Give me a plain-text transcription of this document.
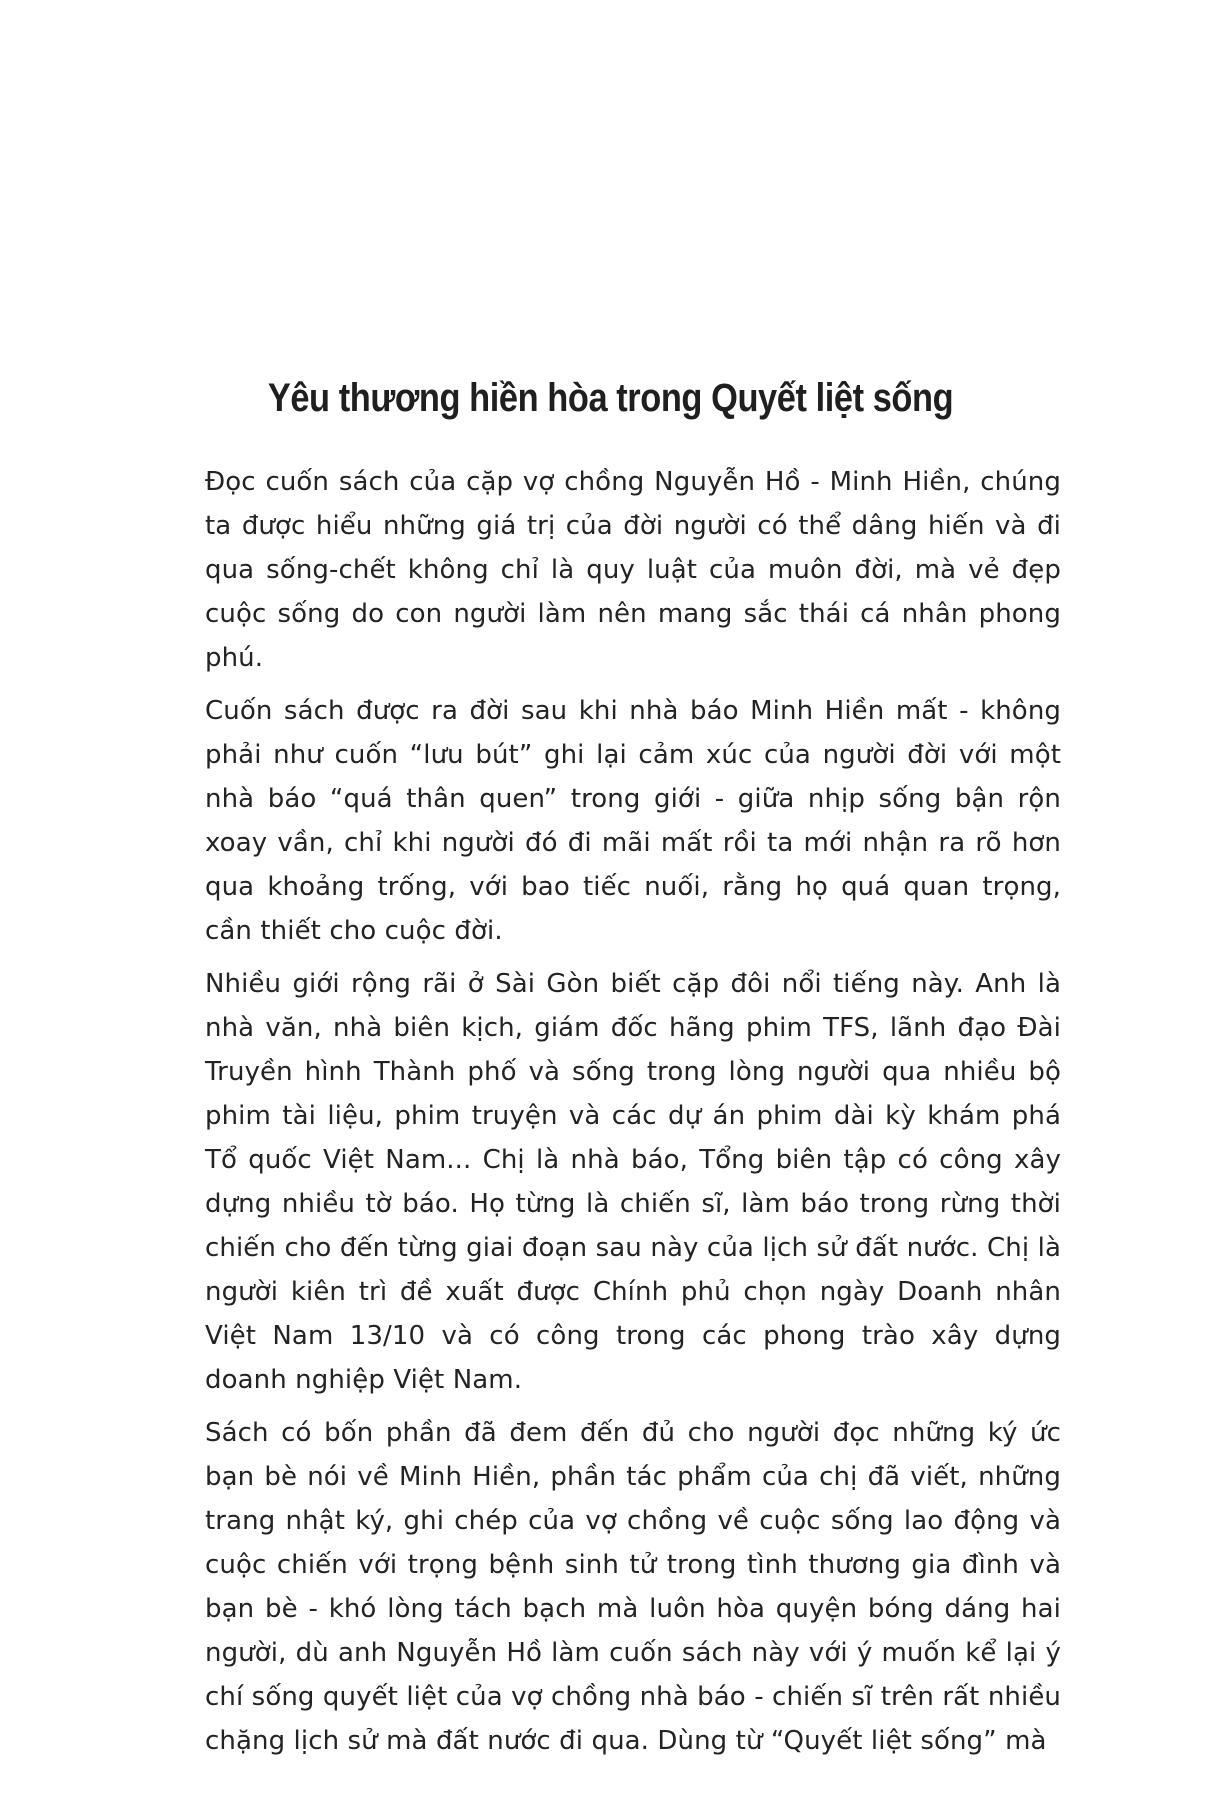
Yêu thương hiền hòa trong Quyết liệt sống

Đọc cuốn sách của cặp vợ chồng Nguyễn Hồ - Minh Hiền, chúng ta được hiểu những giá trị của đời người có thể dâng hiến và đi qua sống-chết không chỉ là quy luật của muôn đời, mà vẻ đẹp cuộc sống do con người làm nên mang sắc thái cá nhân phong phú.

Cuốn sách được ra đời sau khi nhà báo Minh Hiền mất - không phải như cuốn “lưu bút” ghi lại cảm xúc của người đời với một nhà báo “quá thân quen” trong giới - giữa nhịp sống bận rộn xoay vần, chỉ khi người đó đi mãi mất rồi ta mới nhận ra rõ hơn qua khoảng trống, với bao tiếc nuối, rằng họ quá quan trọng, cần thiết cho cuộc đời.

Nhiều giới rộng rãi ở Sài Gòn biết cặp đôi nổi tiếng này. Anh là nhà văn, nhà biên kịch, giám đốc hãng phim TFS, lãnh đạo Đài Truyền hình Thành phố và sống trong lòng người qua nhiều bộ phim tài liệu, phim truyện và các dự án phim dài kỳ khám phá Tổ quốc Việt Nam... Chị là nhà báo, Tổng biên tập có công xây dựng nhiều tờ báo. Họ từng là chiến sĩ, làm báo trong rừng thời chiến cho đến từng giai đoạn sau này của lịch sử đất nước. Chị là người kiên trì đề xuất được Chính phủ chọn ngày Doanh nhân Việt Nam 13/10 và có công trong các phong trào xây dựng doanh nghiệp Việt Nam.

Sách có bốn phần đã đem đến đủ cho người đọc những ký ức bạn bè nói về Minh Hiền, phần tác phẩm của chị đã viết, những trang nhật ký, ghi chép của vợ chồng về cuộc sống lao động và cuộc chiến với trọng bệnh sinh tử trong tình thương gia đình và bạn bè - khó lòng tách bạch mà luôn hòa quyện bóng dáng hai người, dù anh Nguyễn Hồ làm cuốn sách này với ý muốn kể lại ý chí sống quyết liệt của vợ chồng nhà báo - chiến sĩ trên rất nhiều chặng lịch sử mà đất nước đi qua. Dùng từ “Quyết liệt sống” mà
